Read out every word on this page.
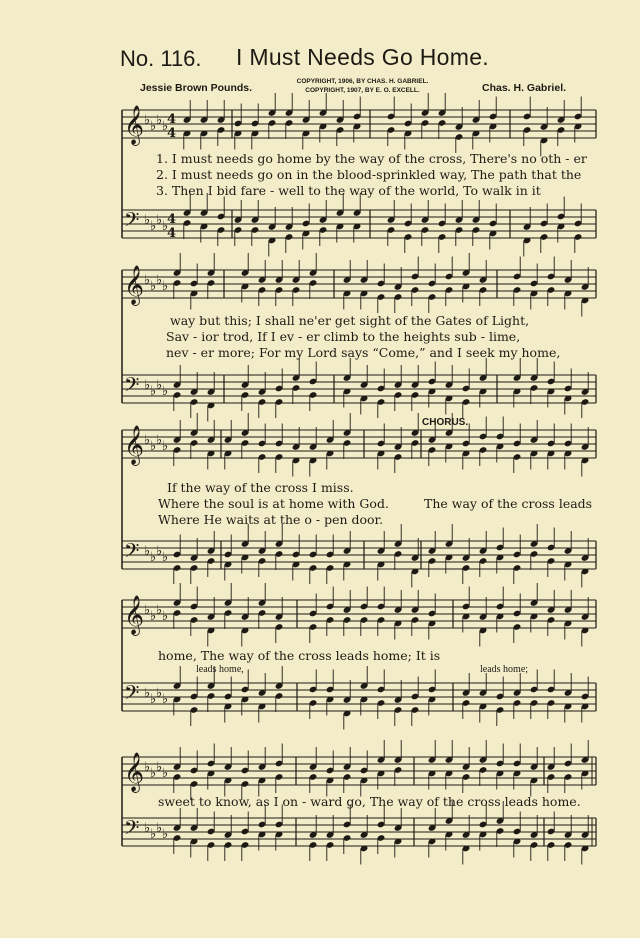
No. 116. I Must Needs Go Home.
Jessie Brown Pounds.
COPYRIGHT, 1906, BY CHAS. H. GABRIEL.
COPYRIGHT, 1907, BY E. O. EXCELL.	Chas. H. Gabriel.
𝄞 ♭ ♭ ♭ ♭
4
4
𝄢 ♭ ♭ ♭ ♭
4
4
𝄞 ♭ ♭ ♭ ♭
𝄢 ♭ ♭ ♭ ♭
𝄞 ♭ ♭ ♭ ♭
𝄢 ♭ ♭ ♭ ♭
𝄞 ♭ ♭ ♭ ♭
𝄢 ♭ ♭ ♭ ♭
𝄞 ♭ ♭ ♭ ♭
𝄢 ♭ ♭ ♭ ♭
1. I must needs go home by the way of the cross, There's no oth - er
2. I must needs go on in the blood-sprinkled way, The path that the
3. Then I bid fare - well to the way of the world, To walk in it
way but this; I shall ne'er get sight of the Gates of Light,
Sav - ior trod, If I ev - er climb to the heights sub - lime,
nev - er more; For my Lord says “Come,” and I seek my home,
CHORUS.
If the way of the cross I miss.
Where the soul is at home with God.
Where He waits at the o - pen door.
The way of the cross leads
home, The way of the cross leads home; It is
leads home,	leads home;
sweet to know, as I on - ward go, The way of the cross leads home.
